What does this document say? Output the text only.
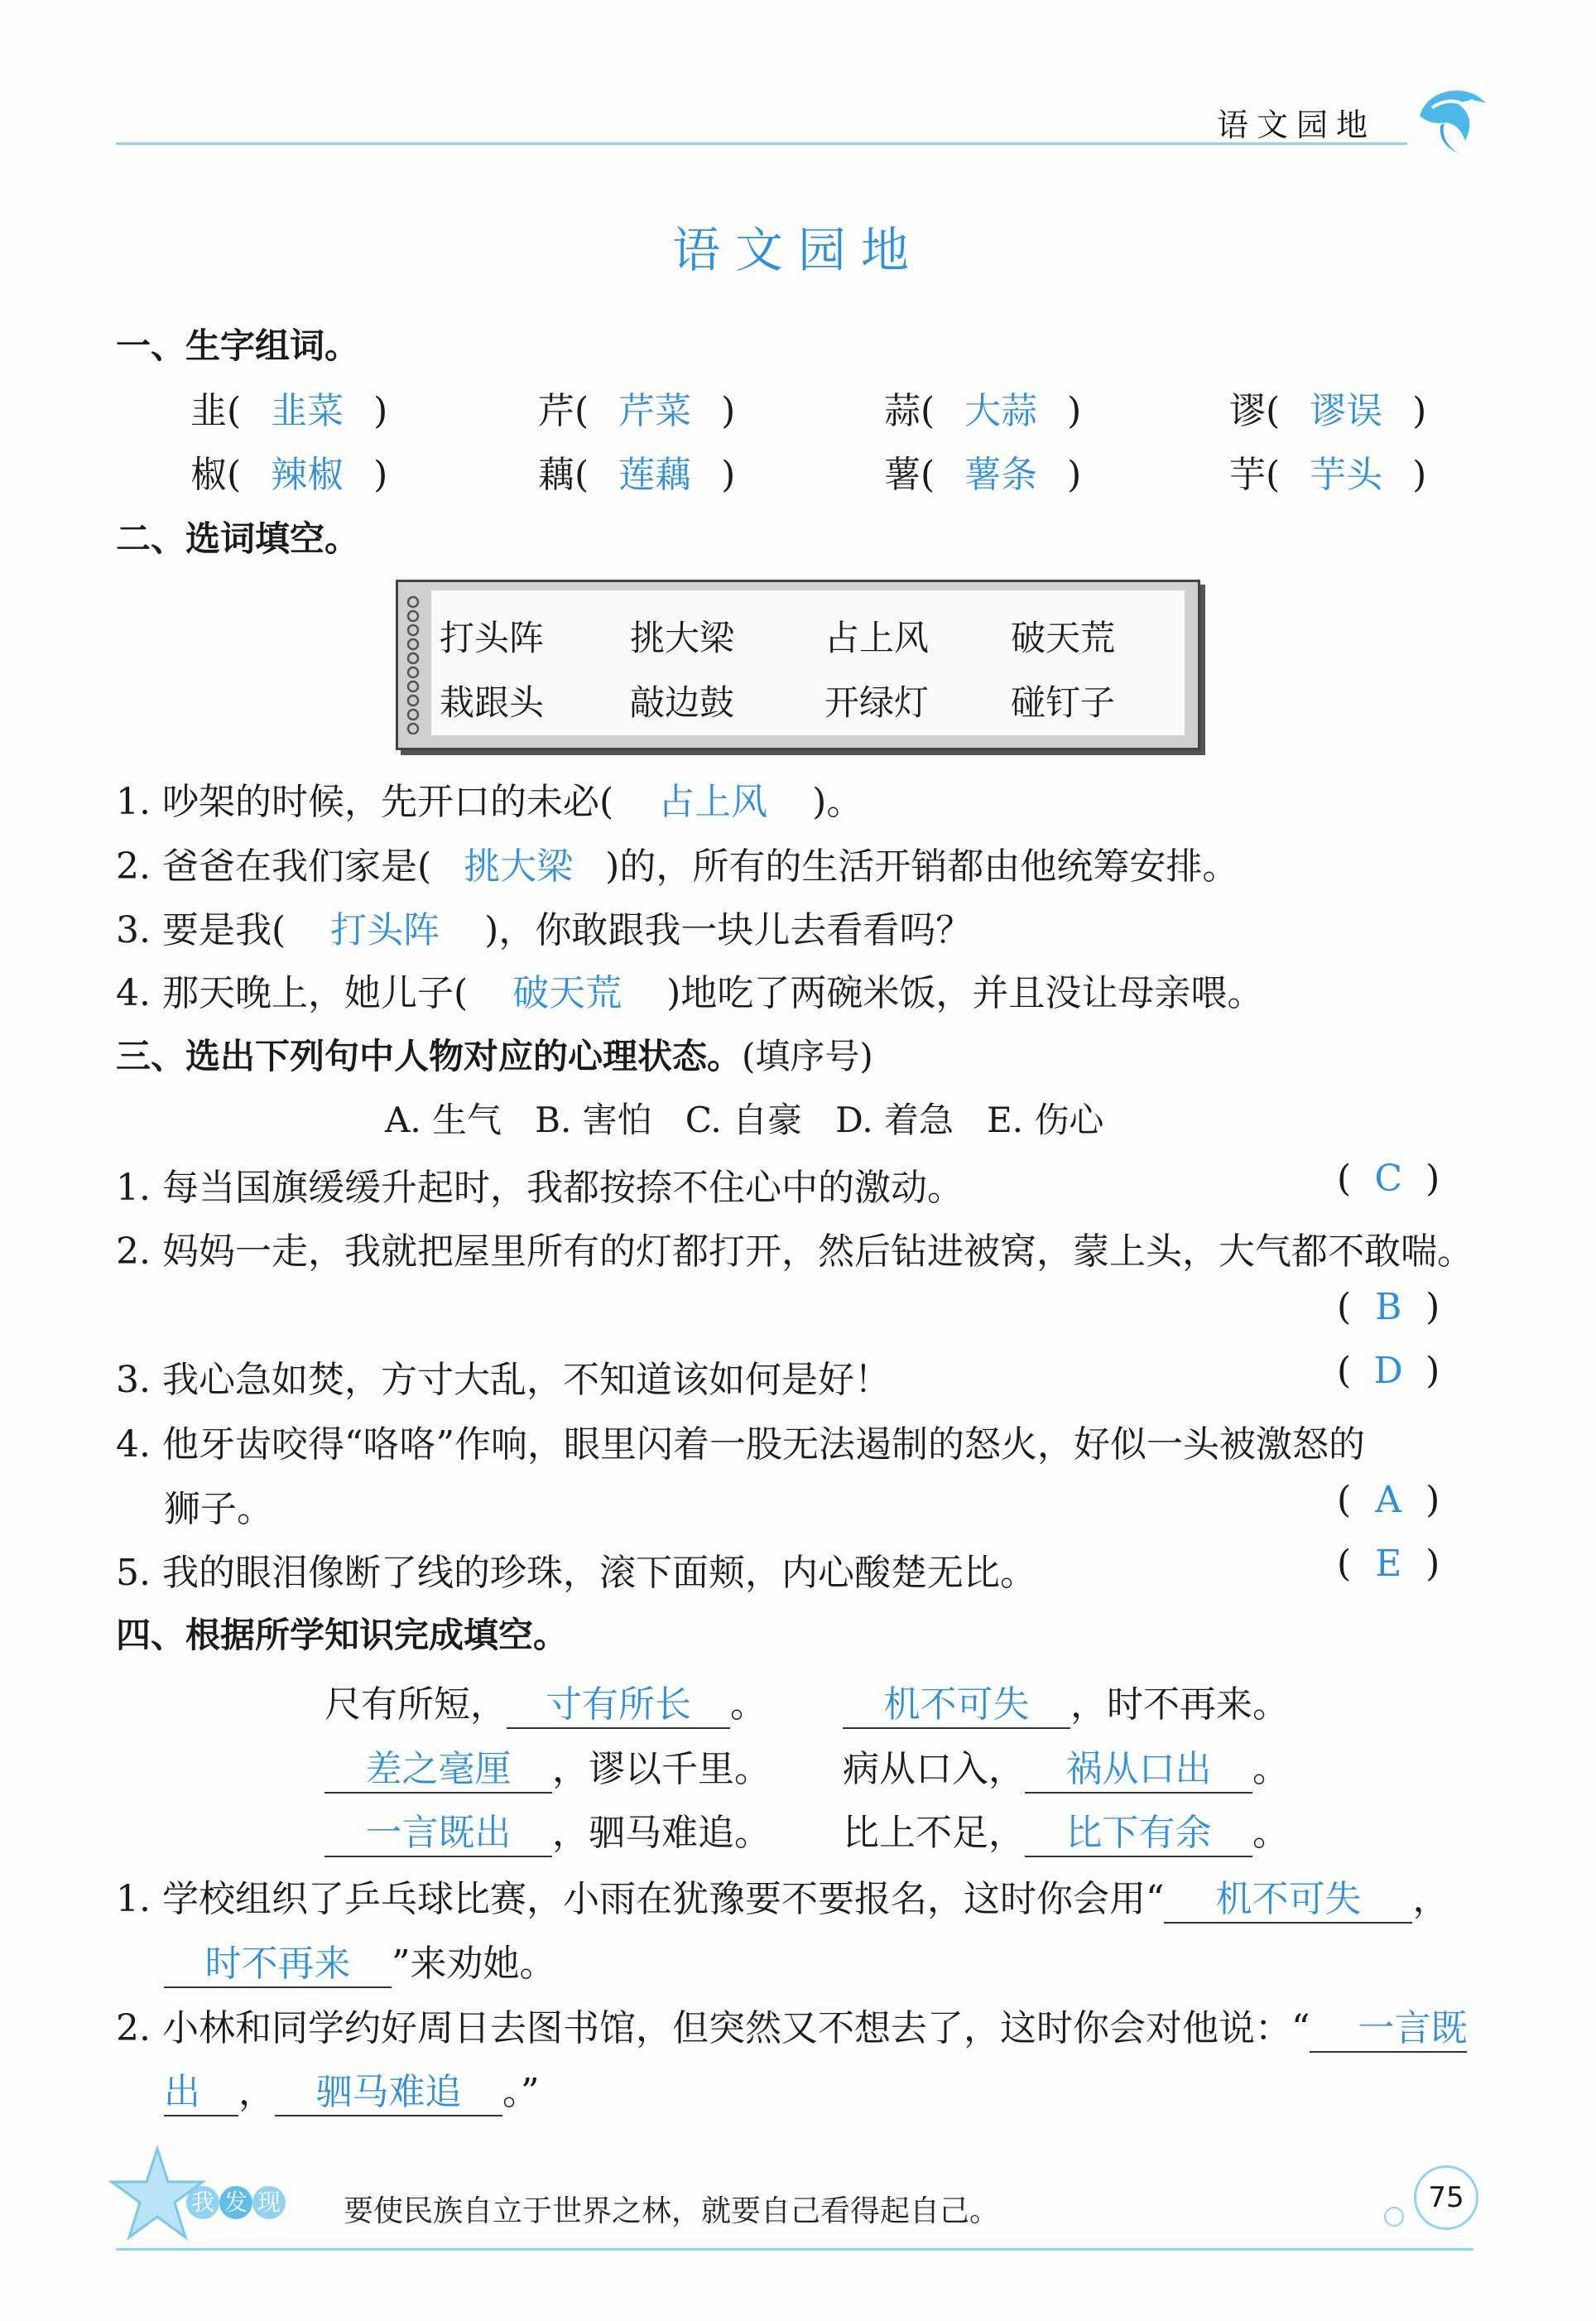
语文园地
语文园地
一、生字组词。
韭( 韭菜 )	芹( 芹菜 )	蒜( 大蒜 )	谬( 谬误 )
椒( 辣椒 )	藕( 莲藕 )	薯( 薯条 )	芋( 芋头 )
二、选词填空。
打头阵 挑大梁	占上风 破天荒
栽跟头 敲边鼓	开绿灯 碰钉子
1. 吵架的时候，先开口的未必( 占上风 )。
2. 爸爸在我们家是( 挑大梁 )的，所有的生活开销都由他统筹安排。
3. 要是我( 打头阵 )，你敢跟我一块儿去看看吗？
4. 那天晚上，她儿子( 破天荒 )地吃了两碗米饭，并且没让母亲喂。
三、选出下列句中人物对应的心理状态。(填序号)
A. 生气   B. 害怕   C. 自豪   D. 着急   E. 伤心
1. 每当国旗缓缓升起时，我都按捺不住心中的激动。	( C )
2. 妈妈一走，我就把屋里所有的灯都打开，然后钻进被窝，蒙上头，大气都不敢喘。
( B )
3. 我心急如焚，方寸大乱，不知道该如何是好！	( D )
4. 他牙齿咬得“咯咯”作响，眼里闪着一股无法遏制的怒火，好似一头被激怒的
狮子。	( A )
5. 我的眼泪像断了线的珍珠，滚下面颊，内心酸楚无比。	( E )
四、根据所学知识完成填空。
尺有所短， 寸有所长 。	机不可失 ，时不再来。
差之毫厘 ，谬以千里。 病从口入， 祸从口出 。
一言既出 ，驷马难追。 比上不足， 比下有余 。
1. 学校组织了乒乓球比赛，小雨在犹豫要不要报名，这时你会用“ 机不可失 ，
时不再来 ”来劝她。
2. 小林和同学约好周日去图书馆，但突然又不想去了，这时你会对他说：“ 一言既
出 ， 驷马难追 。”
我 发 现 要使民族自立于世界之林，就要自己看得起自己。	75
